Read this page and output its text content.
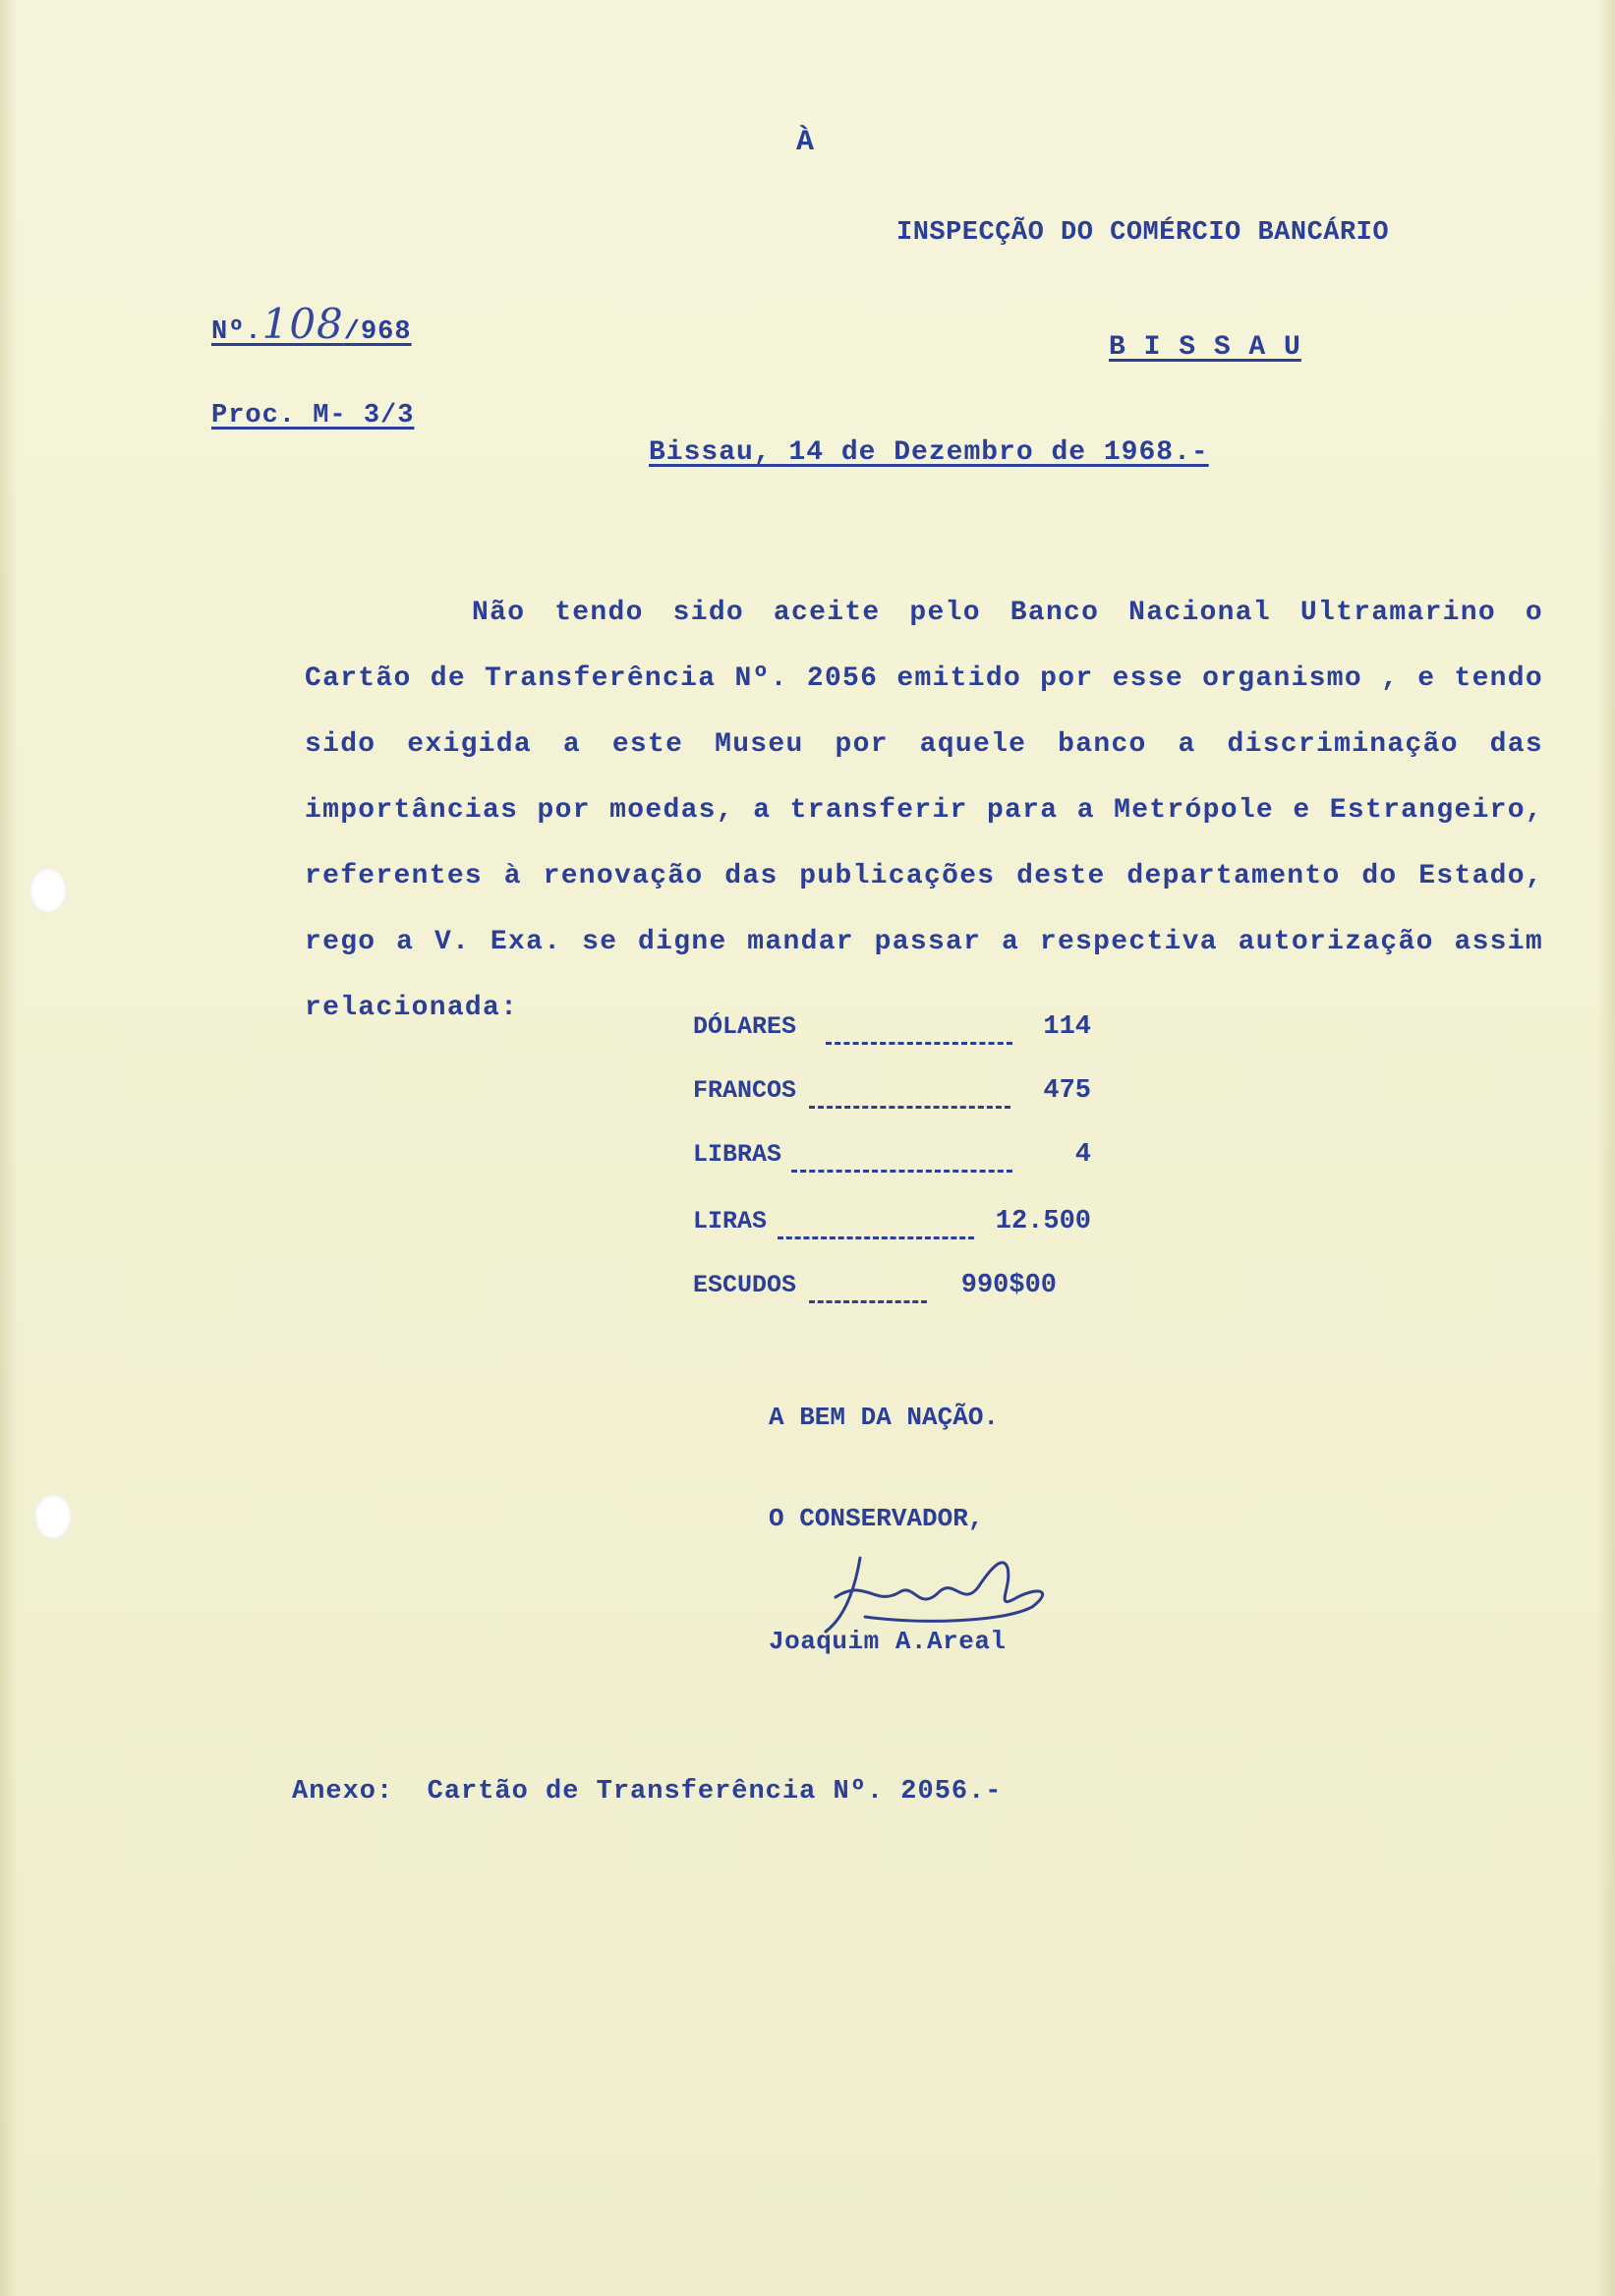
À
INSPECÇÃO DO COMÉRCIO BANCÁRIO
B I S S A U
Nº.108/968
Proc. M- 3/3
Bissau, 14 de Dezembro de 1968.-

Não tendo sido aceite pelo Banco Nacional Ultramarino o Cartão de Transferência Nº. 2056 emitido por esse organismo , e tendo sido exigida a este Museu por aquele banco a discriminação das importâncias por moedas, a transferir para a Metrópole e Estrangeiro, referentes à renovação das publicações deste departamento do Estado, rego a V. Exa. se digne mandar passar a respectiva autorização assim relacionada:

DÓLARES	114
FRANCOS	475
LIBRAS	4
LIRAS	12.500
ESCUDOS	990$00
A BEM DA NAÇÃO.
O CONSERVADOR,
Joaquim A.Areal
Anexo: Cartão de Transferência Nº. 2056.-
